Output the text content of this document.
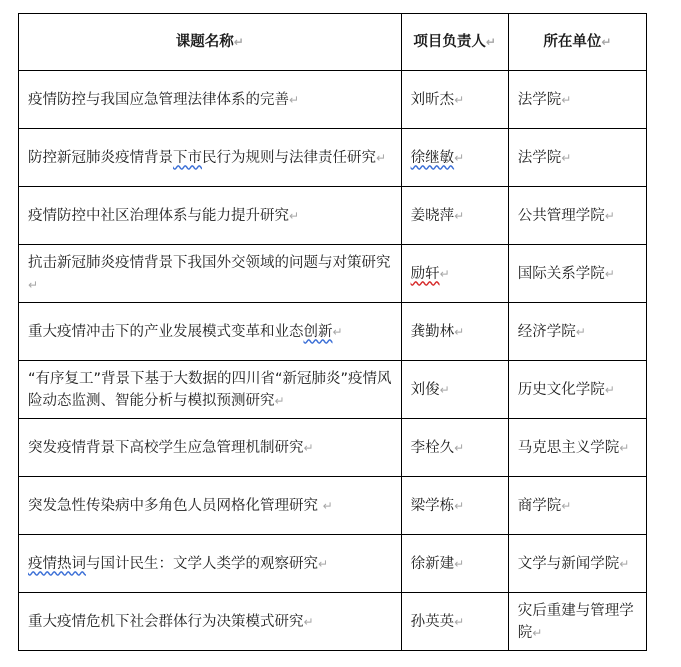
课题名称↵	项目负责人↵	所在单位↵
疫情防控与我国应急管理法律体系的完善↵	刘昕杰↵	法学院↵
防控新冠肺炎疫情背景下市民行为规则与法律责任研究↵	徐继敏↵	法学院↵
疫情防控中社区治理体系与能力提升研究↵	姜晓萍↵	公共管理学院↵
抗击新冠肺炎疫情背景下我国外交领域的问题与对策研究↵	励轩↵	国际关系学院↵
重大疫情冲击下的产业发展模式变革和业态创新↵	龚勤林↵	经济学院↵
“有序复工”背景下基于大数据的四川省“新冠肺炎”疫情风险动态监测、智能分析与模拟预测研究↵	刘俊↵	历史文化学院↵
突发疫情背景下高校学生应急管理机制研究↵	李栓久↵	马克思主义学院↵
突发急性传染病中多角色人员网格化管理研究 ↵	梁学栋↵	商学院↵
疫情热词与国计民生：文学人类学的观察研究↵	徐新建↵	文学与新闻学院↵
重大疫情危机下社会群体行为决策模式研究↵	孙英英↵	灾后重建与管理学院↵
